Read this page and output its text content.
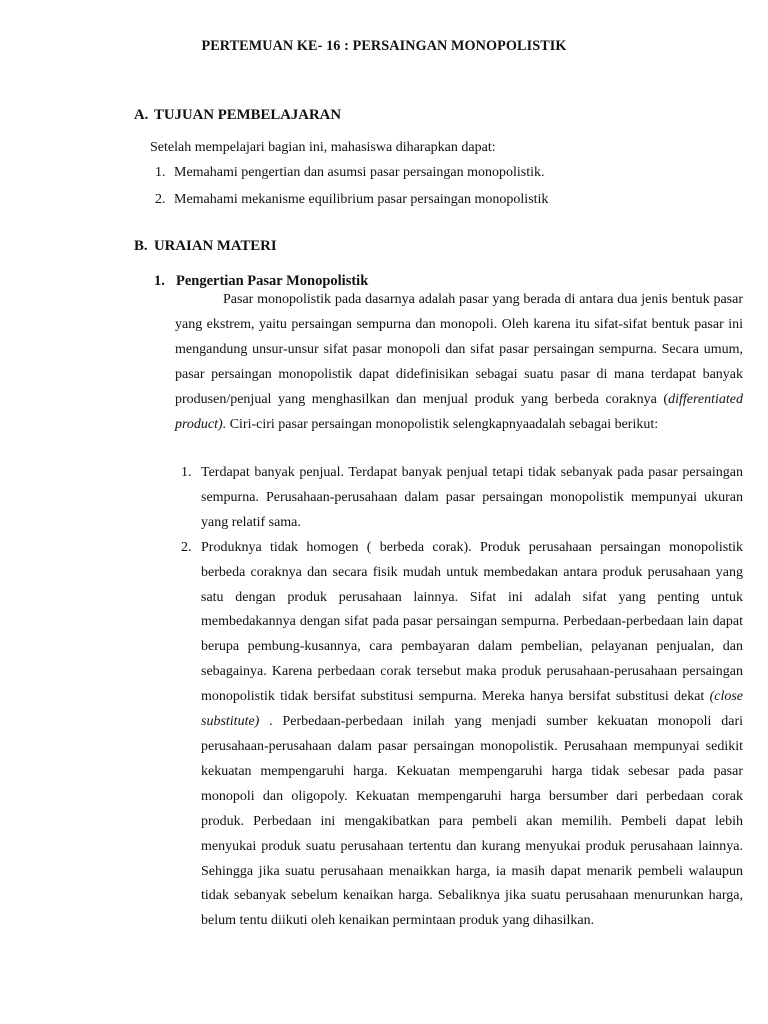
PERTEMUAN KE- 16 : PERSAINGAN MONOPOLISTIK
A. TUJUAN PEMBELAJARAN

Setelah mempelajari bagian ini, mahasiswa diharapkan dapat:

1. Memahami pengertian dan asumsi pasar persaingan monopolistik.
2. Memahami mekanisme equilibrium pasar persaingan monopolistik
B. URAIAN MATERI
1. Pengertian Pasar Monopolistik

Pasar monopolistik pada dasarnya adalah pasar yang berada di antara dua jenis bentuk pasar yang ekstrem, yaitu persaingan sempurna dan monopoli. Oleh karena itu sifat-sifat bentuk pasar ini mengandung unsur-unsur sifat pasar monopoli dan sifat pasar persaingan sempurna. Secara umum, pasar persaingan monopolistik dapat didefinisikan sebagai suatu pasar di mana terdapat banyak produsen/penjual yang menghasilkan dan menjual produk yang berbeda coraknya (differentiated product). Ciri-ciri pasar persaingan monopolistik selengkapnyaadalah sebagai berikut:

1. Terdapat banyak penjual. Terdapat banyak penjual tetapi tidak sebanyak pada pasar persaingan sempurna. Perusahaan-perusahaan dalam pasar persaingan monopolistik mempunyai ukuran yang relatif sama.
2. Produknya tidak homogen ( berbeda corak). Produk perusahaan persaingan monopolistik berbeda coraknya dan secara fisik mudah untuk membedakan antara produk perusahaan yang satu dengan produk perusahaan lainnya. Sifat ini adalah sifat yang penting untuk membedakannya dengan sifat pada pasar persaingan sempurna. Perbedaan-perbedaan lain dapat berupa pembung-kusannya, cara pembayaran dalam pembelian, pelayanan penjualan, dan sebagainya. Karena perbedaan corak tersebut maka produk perusahaan-perusahaan persaingan monopolistik tidak bersifat substitusi sempurna. Mereka hanya bersifat substitusi dekat (close substitute) . Perbedaan-perbedaan inilah yang menjadi sumber kekuatan monopoli dari perusahaan-perusahaan dalam pasar persaingan monopolistik. Perusahaan mempunyai sedikit kekuatan mempengaruhi harga. Kekuatan mempengaruhi harga tidak sebesar pada pasar monopoli dan oligopoly. Kekuatan mempengaruhi harga bersumber dari perbedaan corak produk. Perbedaan ini mengakibatkan para pembeli akan memilih. Pembeli dapat lebih menyukai produk suatu perusahaan tertentu dan kurang menyukai produk perusahaan lainnya. Sehingga jika suatu perusahaan menaikkan harga, ia masih dapat menarik pembeli walaupun tidak sebanyak sebelum kenaikan harga. Sebaliknya jika suatu perusahaan menurunkan harga, belum tentu diikuti oleh kenaikan permintaan produk yang dihasilkan.
